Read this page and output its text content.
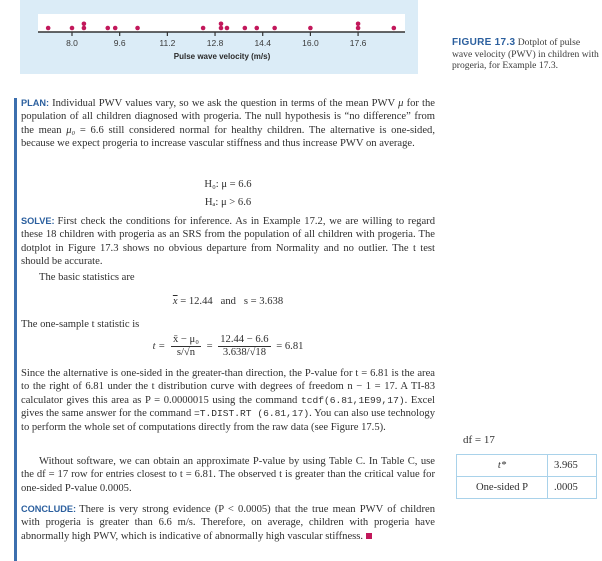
8.0	9.6	11.2	12.8	14.4	16.0	17.6
Pulse wave velocity (m/s)
FIGURE 17.3 Dotplot of pulse wave velocity (PWV) in children with progeria, for Example 17.3.
PLAN: Individual PWV values vary, so we ask the question in terms of the mean PWV μ for the population of all children diagnosed with progeria. The null hypothesis is “no difference” from the mean μ₀ = 6.6 still considered normal for healthy children. The alternative is one-sided, because we expect progeria to increase vascular stiffness and thus increase PWV on average.
H₀: μ = 6.6
Hₐ: μ > 6.6
SOLVE: First check the conditions for inference. As in Example 17.2, we are willing to regard these 18 children with progeria as an SRS from the population of all children with progeria. The dotplot in Figure 17.3 shows no obvious departure from Normality and no outlier. The t test should be accurate.
The basic statistics are
$\overline{x} = 12.44$ and s = 3.638
The one-sample t statistic is
$t = \frac{\text{x̄ − μ₀}}{s/√n} = \frac{12.44 - 6.6}{3.638/√18} = 6.81$
Since the alternative is one-sided in the greater-than direction, the P-value for t = 6.81 is the area to the right of 6.81 under the t distribution curve with degrees of freedom n − 1 = 17. A TI-83 calculator gives this area as P = 0.0000015 using the command tcdf(6.81,1E99,17). Excel gives the same answer for the command =T.DIST.RT (6.81,17). You can also use technology to perform the whole set of computations directly from the raw data (see Figure 17.5).
Without software, we can obtain an approximate P-value by using Table C. In Table C, use the df = 17 row for entries closest to t = 6.81. The observed t is greater than the critical value for one-sided P-value 0.0005.
CONCLUDE: There is very strong evidence (P < 0.0005) that the true mean PWV of children with progeria is greater than 6.6 m/s. Therefore, on average, children with progeria have abnormally high PWV, which is indicative of abnormally high vascular stiffness.
df = 17
t*	3.965
One-sided P	.0005
